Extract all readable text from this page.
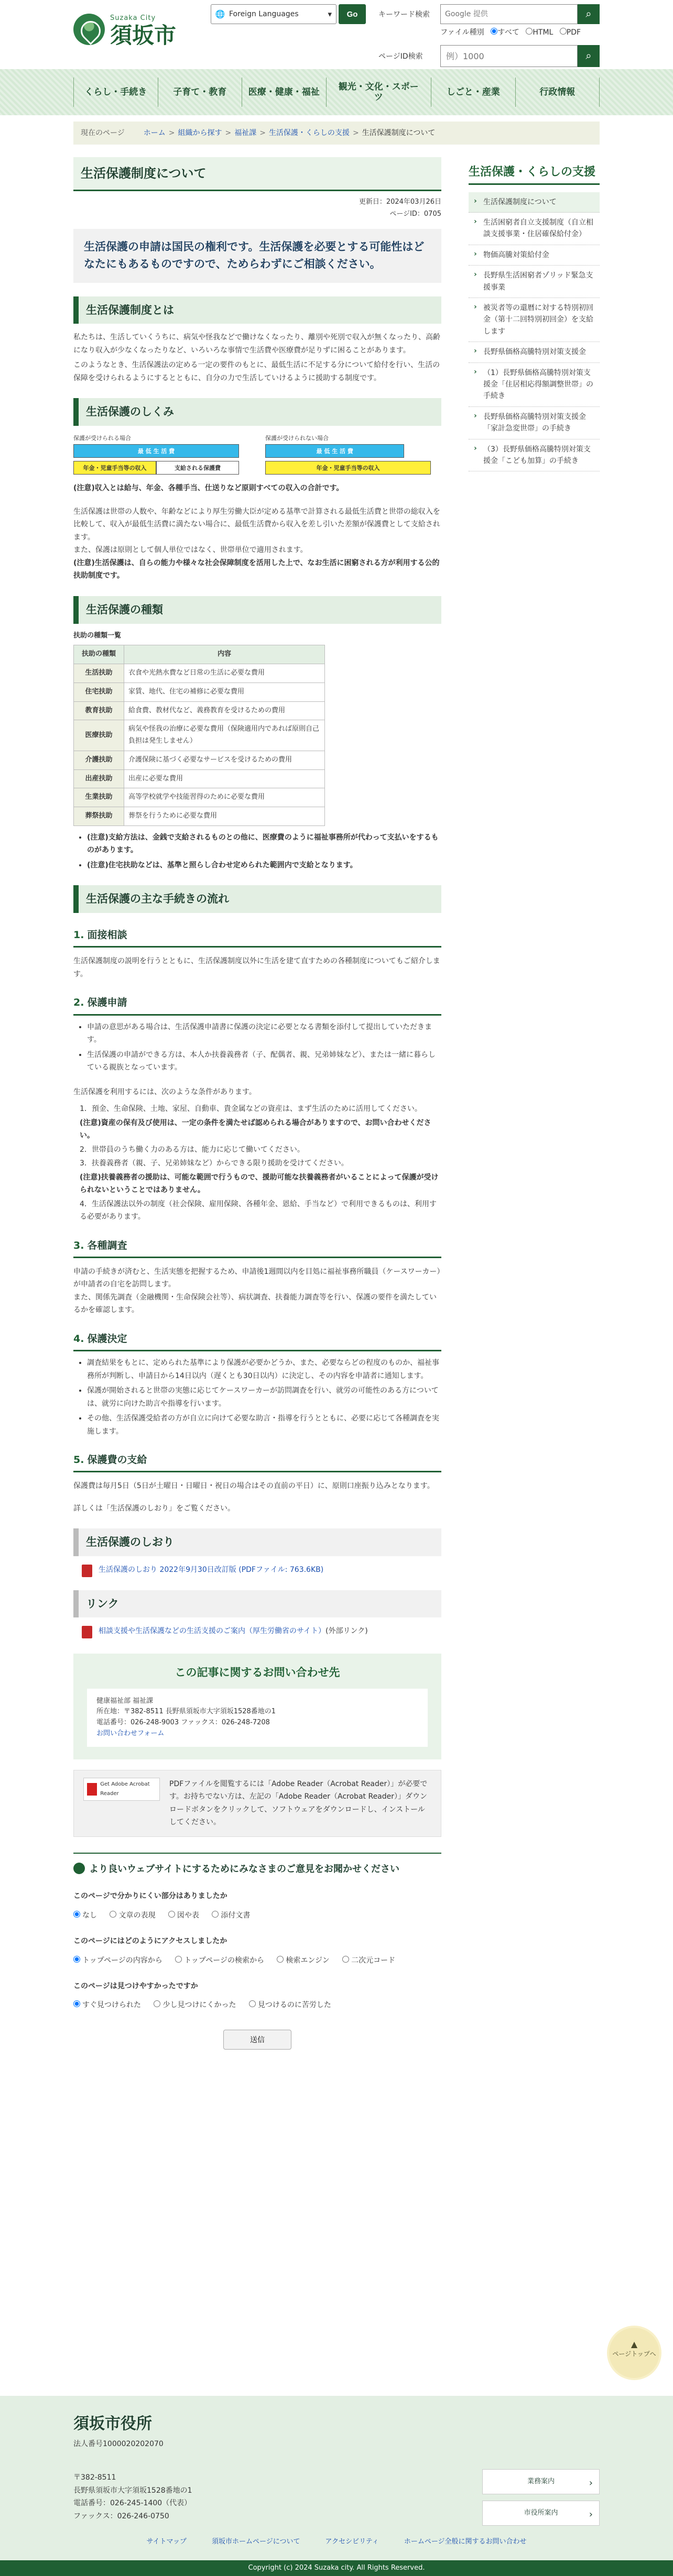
Suzaka City
須坂市
🌐 Foreign Languages	▾	Go	キーワード検索
Google 提供	⌕
ファイル種別 すべて HTML PDF
ページID検索
例）1000	⌕
くらし・手続き	子育て・教育	医療・健康・福祉
観光・文化・スポーツ
しごと・産業	行政情報
現在のページ	ホーム > 組織から探す > 福祉課 > 生活保護・くらしの支援 > 生活保護制度について
生活保護制度について
更新日：2024年03月26日
ページID：0705
生活保護の申請は国民の権利です。生活保護を必要とする可能性はどなたにもあるものですので、ためらわずにご相談ください。
生活保護制度とは

私たちは、生活していくうちに、病気や怪我などで働けなくなったり、離別や死別で収入が無くなったり、高齢になり収入が少なくなったりなど、いろいろな事情で生活費や医療費が足りずに困ることがあります。

このようなとき、生活保護法の定める一定の要件のもとに、最低生活に不足する分について給付を行い、生活の保障を受けられるようにするとともに、自分の力で生活していけるように援助する制度です。

生活保護のしくみ
保護が受けられる場合
最 低 生 活 費
年金・児童手当等の収入	支給される保護費
保護が受けられない場合
最 低 生 活 費
年金・児童手当等の収入

(注意)収入とは給与、年金、各種手当、仕送りなど原則すべての収入の合計です。

生活保護は世帯の人数や、年齢などにより厚生労働大臣が定める基準で計算される最低生活費と世帯の総収入を比較して、収入が最低生活費に満たない場合に、最低生活費から収入を差し引いた差額が保護費として支給されます。

また、保護は原則として個人単位ではなく、世帯単位で適用されます。

(注意)生活保護は、自らの能力や様々な社会保障制度を活用した上で、なお生活に困窮される方が利用する公的扶助制度です。

生活保護の種類
扶助の種類一覧
扶助の種類	内容
生活扶助	衣食や光熱水費など日常の生活に必要な費用
住宅扶助	家賃、地代、住宅の補修に必要な費用
教育扶助	給食費、教材代など、義務教育を受けるための費用
医療扶助	病気や怪我の治療に必要な費用（保険適用内であれば原則自己負担は発生しません）
介護扶助	介護保険に基づく必要なサービスを受けるための費用
出産扶助	出産に必要な費用
生業扶助	高等学校就学や技能習得のために必要な費用
葬祭扶助	葬祭を行うために必要な費用
• (注意)支給方法は、金銭で支給されるものとの他に、医療費のように福祉事務所が代わって支払いをするものがあります。
• (注意)住宅扶助などは、基準と照らし合わせ定められた範囲内で支給となります。
生活保護の主な手続きの流れ
1. 面接相談

生活保護制度の説明を行うとともに、生活保護制度以外に生活を建て直すための各種制度についてもご紹介します。

2. 保護申請
• 申請の意思がある場合は、生活保護申請書に保護の決定に必要となる書類を添付して提出していただきます。
• 生活保護の申請ができる方は、本人か扶養義務者（子、配偶者、親、兄弟姉妹など）、または一緒に暮らしている親族となっています。

生活保護を利用するには、次のような条件があります。

1．預金、生命保険、土地、家屋、自動車、貴金属などの資産は、まず生活のために活用してください。
(注意)資産の保有及び使用は、一定の条件を満たせば認められる場合がありますので、お問い合わせください。
2．世帯員のうち働く力のある方は、能力に応じて働いてください。
3．扶養義務者（親、子、兄弟姉妹など）からできる限り援助を受けてください。
(注意)扶養義務者の援助は、可能な範囲で行うもので、援助可能な扶養義務者がいることによって保護が受けられないということではありません。
4．生活保護法以外の制度（社会保険、雇用保険、各種年金、恩給、手当など）で利用できるものは、利用する必要があります。
3. 各種調査

申請の手続きが済むと、生活実態を把握するため、申請後1週間以内を目処に福祉事務所職員（ケースワーカー）が申請者の自宅を訪問します。

また、関係先調査（金融機関・生命保険会社等）、病状調査、扶養能力調査等を行い、保護の要件を満たしているかを確認します。

4. 保護決定
• 調査結果をもとに、定められた基準により保護が必要かどうか、また、必要ならどの程度のものか、福祉事務所が判断し、申請日から14日以内（遅くとも30日以内）に決定し、その内容を申請者に通知します。
• 保護が開始されると世帯の実態に応じてケースワーカーが訪問調査を行い、就労の可能性のある方については、就労に向けた助言や指導を行います。
• その他、生活保護受給者の方が自立に向けて必要な助言・指導を行うとともに、必要に応じて各種調査を実施します。
5. 保護費の支給

保護費は毎月5日（5日が土曜日・日曜日・祝日の場合はその直前の平日）に、原則口座振り込みとなります。

詳しくは「生活保護のしおり」をご覧ください。

生活保護のしおり
生活保護のしおり 2022年9月30日改訂版 (PDFファイル: 763.6KB)
リンク
相談支援や生活保護などの生活支援のご案内（厚生労働省のサイト）(外部リンク)
この記事に関するお問い合わせ先
健康福祉部 福祉課
所在地：〒382-8511 長野県須坂市大字須坂1528番地の1
電話番号：026-248-9003 ファックス：026-248-7208
お問い合わせフォーム
Get Adobe Acrobat Reader
PDFファイルを閲覧するには「Adobe Reader（Acrobat Reader）」が必要です。お持ちでない方は、左記の「Adobe Reader（Acrobat Reader）」ダウンロードボタンをクリックして、ソフトウェアをダウンロードし、インストールしてください。
より良いウェブサイトにするためにみなさまのご意見をお聞かせください
このページで分かりにくい部分はありましたか
なし	文章の表現	図や表	添付文書
このページにはどのようにアクセスしましたか
トップページの内容から	トップページの検索から	検索エンジン	二次元コード
このページは見つけやすかったですか
すぐ見つけられた	少し見つけにくかった	見つけるのに苦労した
送信
生活保護・くらしの支援
› 生活保護制度について
› 生活困窮者自立支援制度（自立相談支援事業・住居確保給付金）
› 物価高騰対策給付金
› 長野県生活困窮者ゾリッド緊急支援事業
› 被災者等の還暦に対する特別初回金（第十二回特別初回金）を支給します
› 長野県価格高騰特別対策支援金
› （1）長野県価格高騰特別対策支援金「住居相応得額調整世帯」の手続き
› 長野県価格高騰特別対策支援金「家計急変世帯」の手続き
› （3）長野県価格高騰特別対策支援金「こども加算」の手続き
▲
ページトップへ
須坂市役所
法人番号1000020202070
〒382-8511
長野県須坂市大字須坂1528番地の1
電話番号：026-245-1400（代表）
ファックス：026-246-0750
業務案内 ›
市役所案内 ›
サイトマップ	須坂市ホームページについて	アクセシビリティ	ホームページ全般に関するお問い合わせ
Copyright (c) 2024 Suzaka city. All Rights Reserved.
